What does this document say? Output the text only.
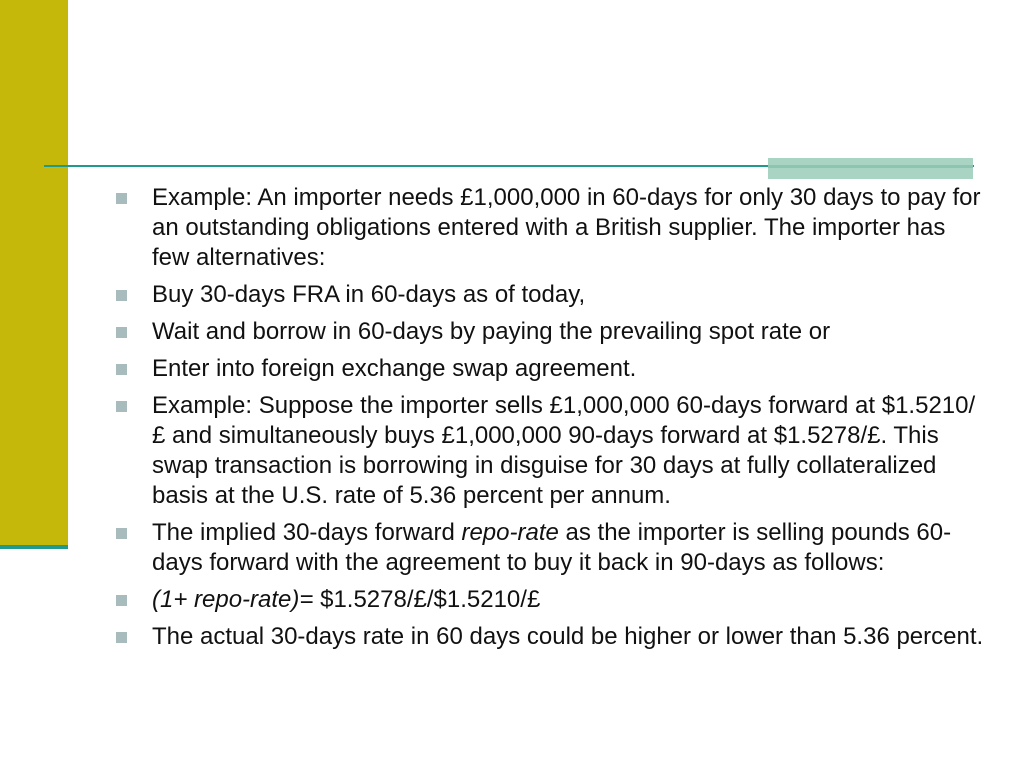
Example: An importer needs £1,000,000 in 60-days for only 30 days to pay for an outstanding obligations entered with a British supplier. The importer has few alternatives:
Buy 30-days FRA in 60-days as of today,
Wait and borrow in 60-days by paying the prevailing spot rate or
Enter into foreign exchange swap agreement.
Example: Suppose the importer sells £1,000,000 60-days forward at $1.5210/£ and simultaneously buys £1,000,000 90-days forward at $1.5278/£. This swap transaction is borrowing in disguise for 30 days at fully collateralized basis at the U.S. rate of 5.36 percent per annum.
The implied 30-days forward repo-rate as the importer is selling pounds 60-days forward with the agreement to buy it back in 90-days as follows:
(1+ repo-rate)= $1.5278/£/$1.5210/£
The actual 30-days rate in 60 days could be higher or lower than 5.36 percent.
